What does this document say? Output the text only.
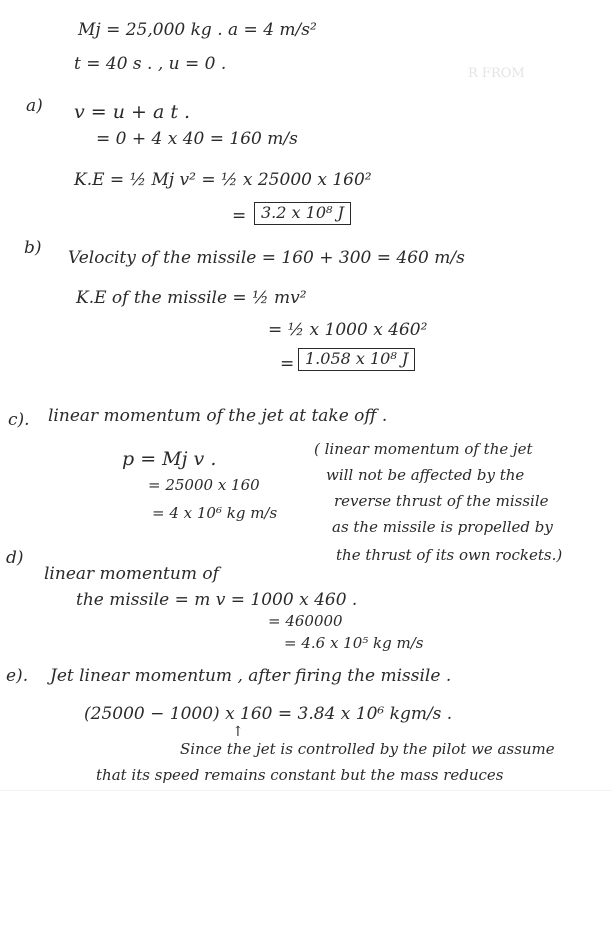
Mj = 25,000 kg . a = 4 m/s²
t = 40 s . , u = 0 .	R FROM
a) v = u + a t .
= 0 + 4 x 40 = 160 m/s
K.E = ½ Mj v² = ½ x 25000 x 160²
= 3.2 x 10⁸ J
b) Velocity of the missile = 160 + 300 = 460 m/s
K.E of the missile = ½ mv²
= ½ x 1000 x 460²
= 1.058 x 10⁸ J
c). linear momentum of the jet at take off .
p = Mj v .
= 25000 x 160
= 4 x 10⁶ kg m/s
( linear momentum of the jet
will not be affected by the
reverse thrust of the missile
as the missile is propelled by
the thrust of its own rockets.)
d)
linear momentum of
the missile = m v = 1000 x 460 .
= 460000
= 4.6 x 10⁵ kg m/s
e). Jet linear momentum , after firing the missile .
(25000 − 1000) x 160 = 3.84 x 10⁶ kgm/s .
↑
Since the jet is controlled by the pilot we assume
that its speed remains constant but the mass reduces
